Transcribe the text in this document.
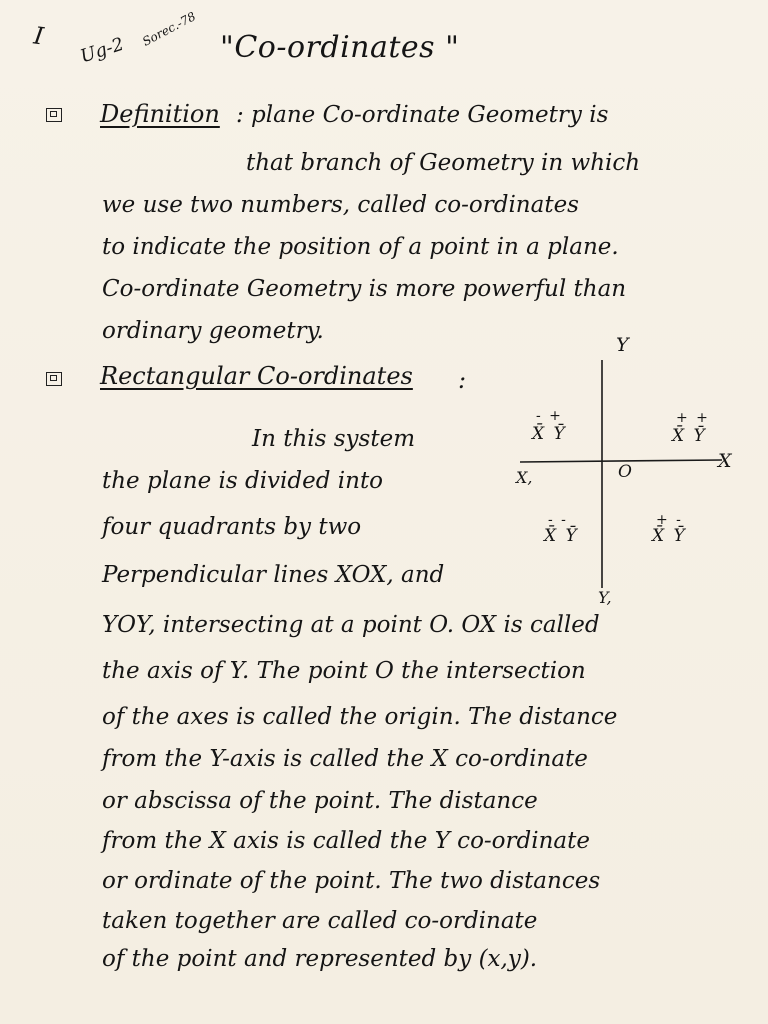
I Ug-2
Sorec.-78 "Co-ordinates "
Definition : plane Co-ordinate Geometry is
that branch of Geometry in which
we use two numbers, called co-ordinates
to indicate the position of a point in a plane.
Co-ordinate Geometry is more powerful than
ordinary geometry.
Rectangular Co-ordinates :
In this system
the plane is divided into
four quadrants by two
Perpendicular lines XOX, and
YOY, intersecting at a point O. OX is called
the axis of Y. The point O the intersection
of the axes is called the origin. The distance
from the Y-axis is called the X co-ordinate
or abscissa of the point. The distance
from the X axis is called the Y co-ordinate
or ordinate of the point. The two distances
taken together are called co-ordinate
of the point and represented by (x,y).
Y
Y,
X
X,	O
- +
X̄ Ȳ
+ +
X̄ Ȳ
- -
X̄ Ȳ
+ -
X̄ Ȳ
